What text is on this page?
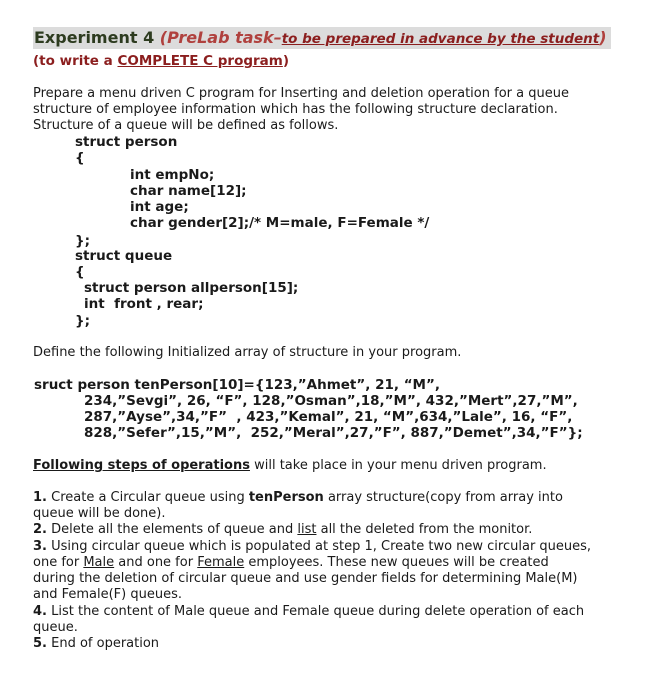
Experiment 4 (PreLab task–to be prepared in advance by the student)
(to write a COMPLETE C program)
Prepare a menu driven C program for Inserting and deletion operation for a queue
structure of employee information which has the following structure declaration.
Structure of a queue will be defined as follows.
struct person
{
int empNo;
char name[12];
int age;
char gender[2];/* M=male, F=Female */
};
struct queue
{
struct person allperson[15];
int  front , rear;
};
Define the following Initialized array of structure in your program.
sruct person tenPerson[10]={123,”Ahmet”, 21, “M”,
234,”Sevgi”, 26, “F”, 128,”Osman”,18,”M”, 432,”Mert”,27,”M”,
287,”Ayse”,34,”F”  , 423,”Kemal”, 21, “M”,634,”Lale”, 16, “F”,
828,”Sefer”,15,”M”,  252,”Meral”,27,”F”, 887,”Demet”,34,”F”};
Following steps of operations will take place in your menu driven program.
1. Create a Circular queue using tenPerson array structure(copy from array into
queue will be done).
2. Delete all the elements of queue and list all the deleted from the monitor.
3. Using circular queue which is populated at step 1, Create two new circular queues,
one for Male and one for Female employees. These new queues will be created
during the deletion of circular queue and use gender fields for determining Male(M)
and Female(F) queues.
4. List the content of Male queue and Female queue during delete operation of each
queue.
5. End of operation
